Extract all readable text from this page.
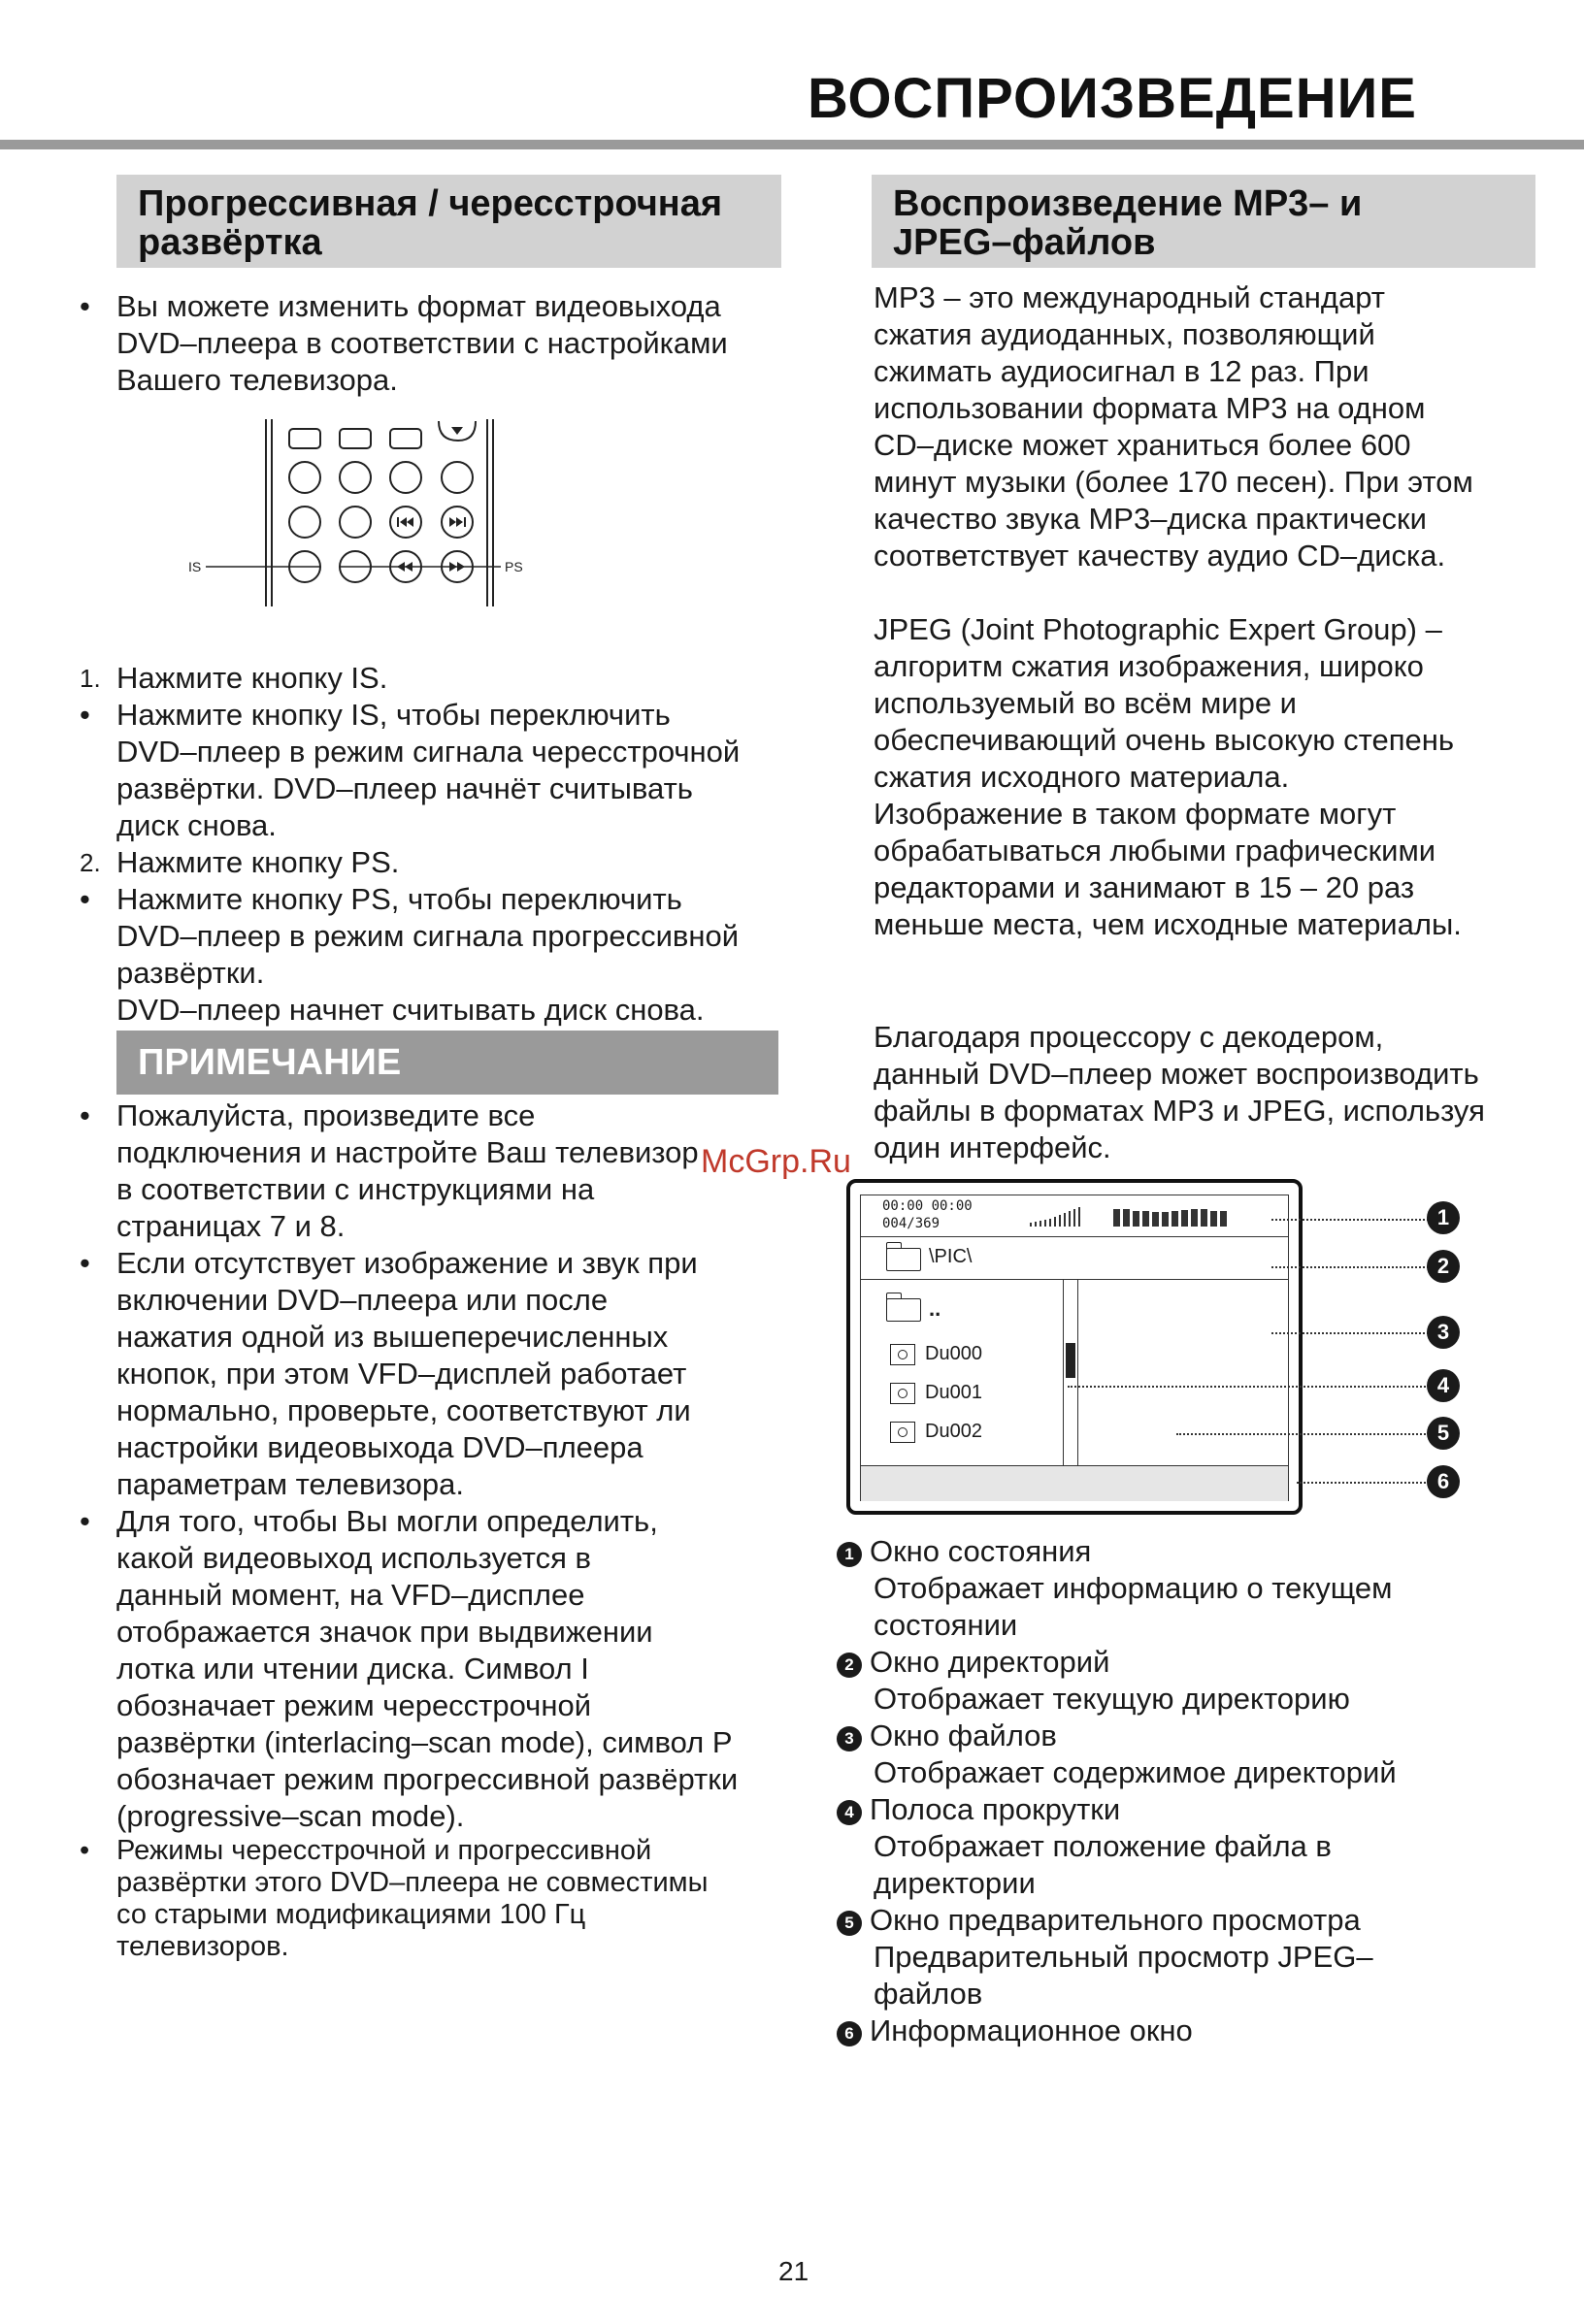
ВОСПРОИЗВЕДЕНИЕ
Прогрессивная / чересстрочная
развёртка
• Вы можете изменить формат видеовыхода

DVD–плеера в соответствии с настройками

Вашего телевизора.

IS	PS
1. Нажмите кнопку IS.

• Нажмите кнопку IS, чтобы переключить

DVD–плеер в режим сигнала чересстрочной

развёртки. DVD–плеер начнёт считывать

диск снова.

2. Нажмите кнопку PS.

• Нажмите кнопку PS, чтобы переключить

DVD–плеер в режим сигнала прогрессивной

развёртки.

DVD–плеер начнет считывать диск снова.

ПРИМЕЧАНИЕ
• Пожалуйста, произведите все

подключения и настройте Ваш телевизор

в соответствии с инструкциями на

страницах 7 и 8.

• Если отсутствует изображение и звук при

включении DVD–плеера или после

нажатия одной из вышеперечисленных

кнопок, при этом VFD–дисплей работает

нормально, проверьте, соответствуют ли

настройки видеовыхода DVD–плеера

параметрам телевизора.

• Для того, чтобы Вы могли определить,

какой видеовыход используется в

данный момент, на VFD–дисплее

отображается значок при выдвижении

лотка или чтении диска. Символ I

обозначает режим чересстрочной

развёртки (interlacing–scan mode), символ P

обозначает режим прогрессивной развёртки

(progressive–scan mode).

• Режимы чересстрочной и прогрессивной

развёртки этого DVD–плеера не совместимы

со старыми модификациями 100 Гц

телевизоров.

Воспроизведение MP3– и
JPEG–файлов

MP3 – это международный стандарт

сжатия аудиоданных, позволяющий

сжимать аудиосигнал в 12 раз. При

использовании формата MP3 на одном

CD–диске может храниться более 600

минут музыки (более 170 песен). При этом

качество звука MP3–диска практически

соответствует качеству аудио CD–диска.

JPEG (Joint Photographic Expert Group) –

алгоритм сжатия изображения, широко

используемый во всём мире и

обеспечивающий очень высокую степень

сжатия исходного материала.

Изображение в таком формате могут

обрабатываться любыми графическими

редакторами и занимают в 15 – 20 раз

меньше места, чем исходные материалы.

Благодаря процессору с декодером,

данный DVD–плеер может воспроизводить

файлы в форматах MP3 и JPEG, используя

один интерфейс.

McGrp.Ru
00:00 00:00
004/369
\PIC\
..
Du000
Du001
Du002
1
2
3
4
5
6

1 Окно состояния

Отображает информацию о текущем

состоянии

2 Окно директорий

Отображает текущую директорию

3 Окно файлов

Отображает содержимое директорий

4 Полоса прокрутки

Отображает положение файла в

директории

5 Окно предварительного просмотра

Предварительный просмотр JPEG–

файлов

6 Информационное окно

21
